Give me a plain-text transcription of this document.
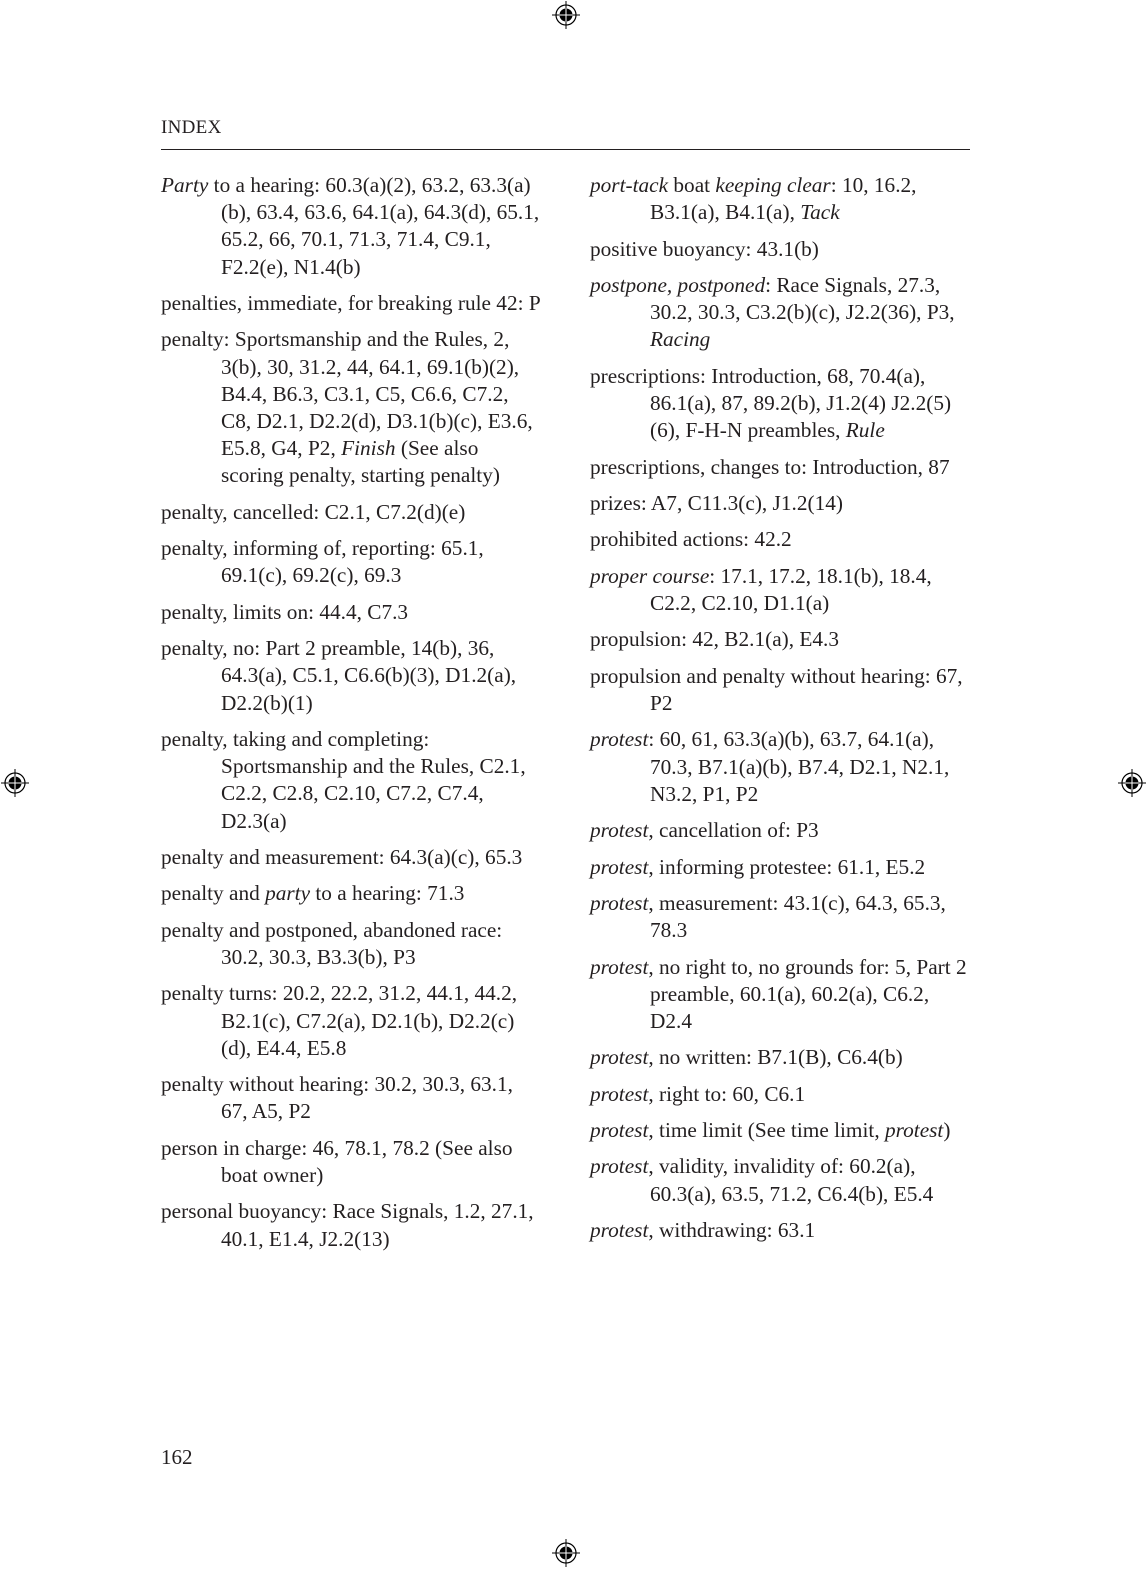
INDEX
Party to a hearing: 60.3(a)(2), 63.2, 63.3(a)(b), 63.4, 63.6, 64.1(a), 64.3(d), 65.1, 65.2, 66, 70.1, 71.3, 71.4, C9.1, F2.2(e), N1.4(b)
penalties, immediate, for breaking rule 42: P
penalty: Sportsmanship and the Rules, 2, 3(b), 30, 31.2, 44, 64.1, 69.1(b)(2), B4.4, B6.3, C3.1, C5, C6.6, C7.2, C8, D2.1, D2.2(d), D3.1(b)(c), E3.6, E5.8, G4, P2, Finish (See also scoring penalty, starting penalty)
penalty, cancelled: C2.1, C7.2(d)(e)
penalty, informing of, reporting: 65.1, 69.1(c), 69.2(c), 69.3
penalty, limits on: 44.4, C7.3
penalty, no: Part 2 preamble, 14(b), 36, 64.3(a), C5.1, C6.6(b)(3), D1.2(a), D2.2(b)(1)
penalty, taking and completing: Sportsmanship and the Rules, C2.1, C2.2, C2.8, C2.10, C7.2, C7.4, D2.3(a)
penalty and measurement: 64.3(a)(c), 65.3
penalty and party to a hearing: 71.3
penalty and postponed, abandoned race: 30.2, 30.3, B3.3(b), P3
penalty turns: 20.2, 22.2, 31.2, 44.1, 44.2, B2.1(c), C7.2(a), D2.1(b), D2.2(c)(d), E4.4, E5.8
penalty without hearing: 30.2, 30.3, 63.1, 67, A5, P2
person in charge: 46, 78.1, 78.2 (See also boat owner)
personal buoyancy: Race Signals, 1.2, 27.1, 40.1, E1.4, J2.2(13)
port-tack boat keeping clear: 10, 16.2, B3.1(a), B4.1(a), Tack
positive buoyancy: 43.1(b)
postpone, postponed: Race Signals, 27.3, 30.2, 30.3, C3.2(b)(c), J2.2(36), P3, Racing
prescriptions: Introduction, 68, 70.4(a), 86.1(a), 87, 89.2(b), J1.2(4) J2.2(5)(6), F-H-N preambles, Rule
prescriptions, changes to: Introduction, 87
prizes: A7, C11.3(c), J1.2(14)
prohibited actions: 42.2
proper course: 17.1, 17.2, 18.1(b), 18.4, C2.2, C2.10, D1.1(a)
propulsion: 42, B2.1(a), E4.3
propulsion and penalty without hearing: 67, P2
protest: 60, 61, 63.3(a)(b), 63.7, 64.1(a), 70.3, B7.1(a)(b), B7.4, D2.1, N2.1, N3.2, P1, P2
protest, cancellation of: P3
protest, informing protestee: 61.1, E5.2
protest, measurement: 43.1(c), 64.3, 65.3, 78.3
protest, no right to, no grounds for: 5, Part 2 preamble, 60.1(a), 60.2(a), C6.2, D2.4
protest, no written: B7.1(B), C6.4(b)
protest, right to: 60, C6.1
protest, time limit (See time limit, protest)
protest, validity, invalidity of: 60.2(a), 60.3(a), 63.5, 71.2, C6.4(b), E5.4
protest, withdrawing: 63.1
162
